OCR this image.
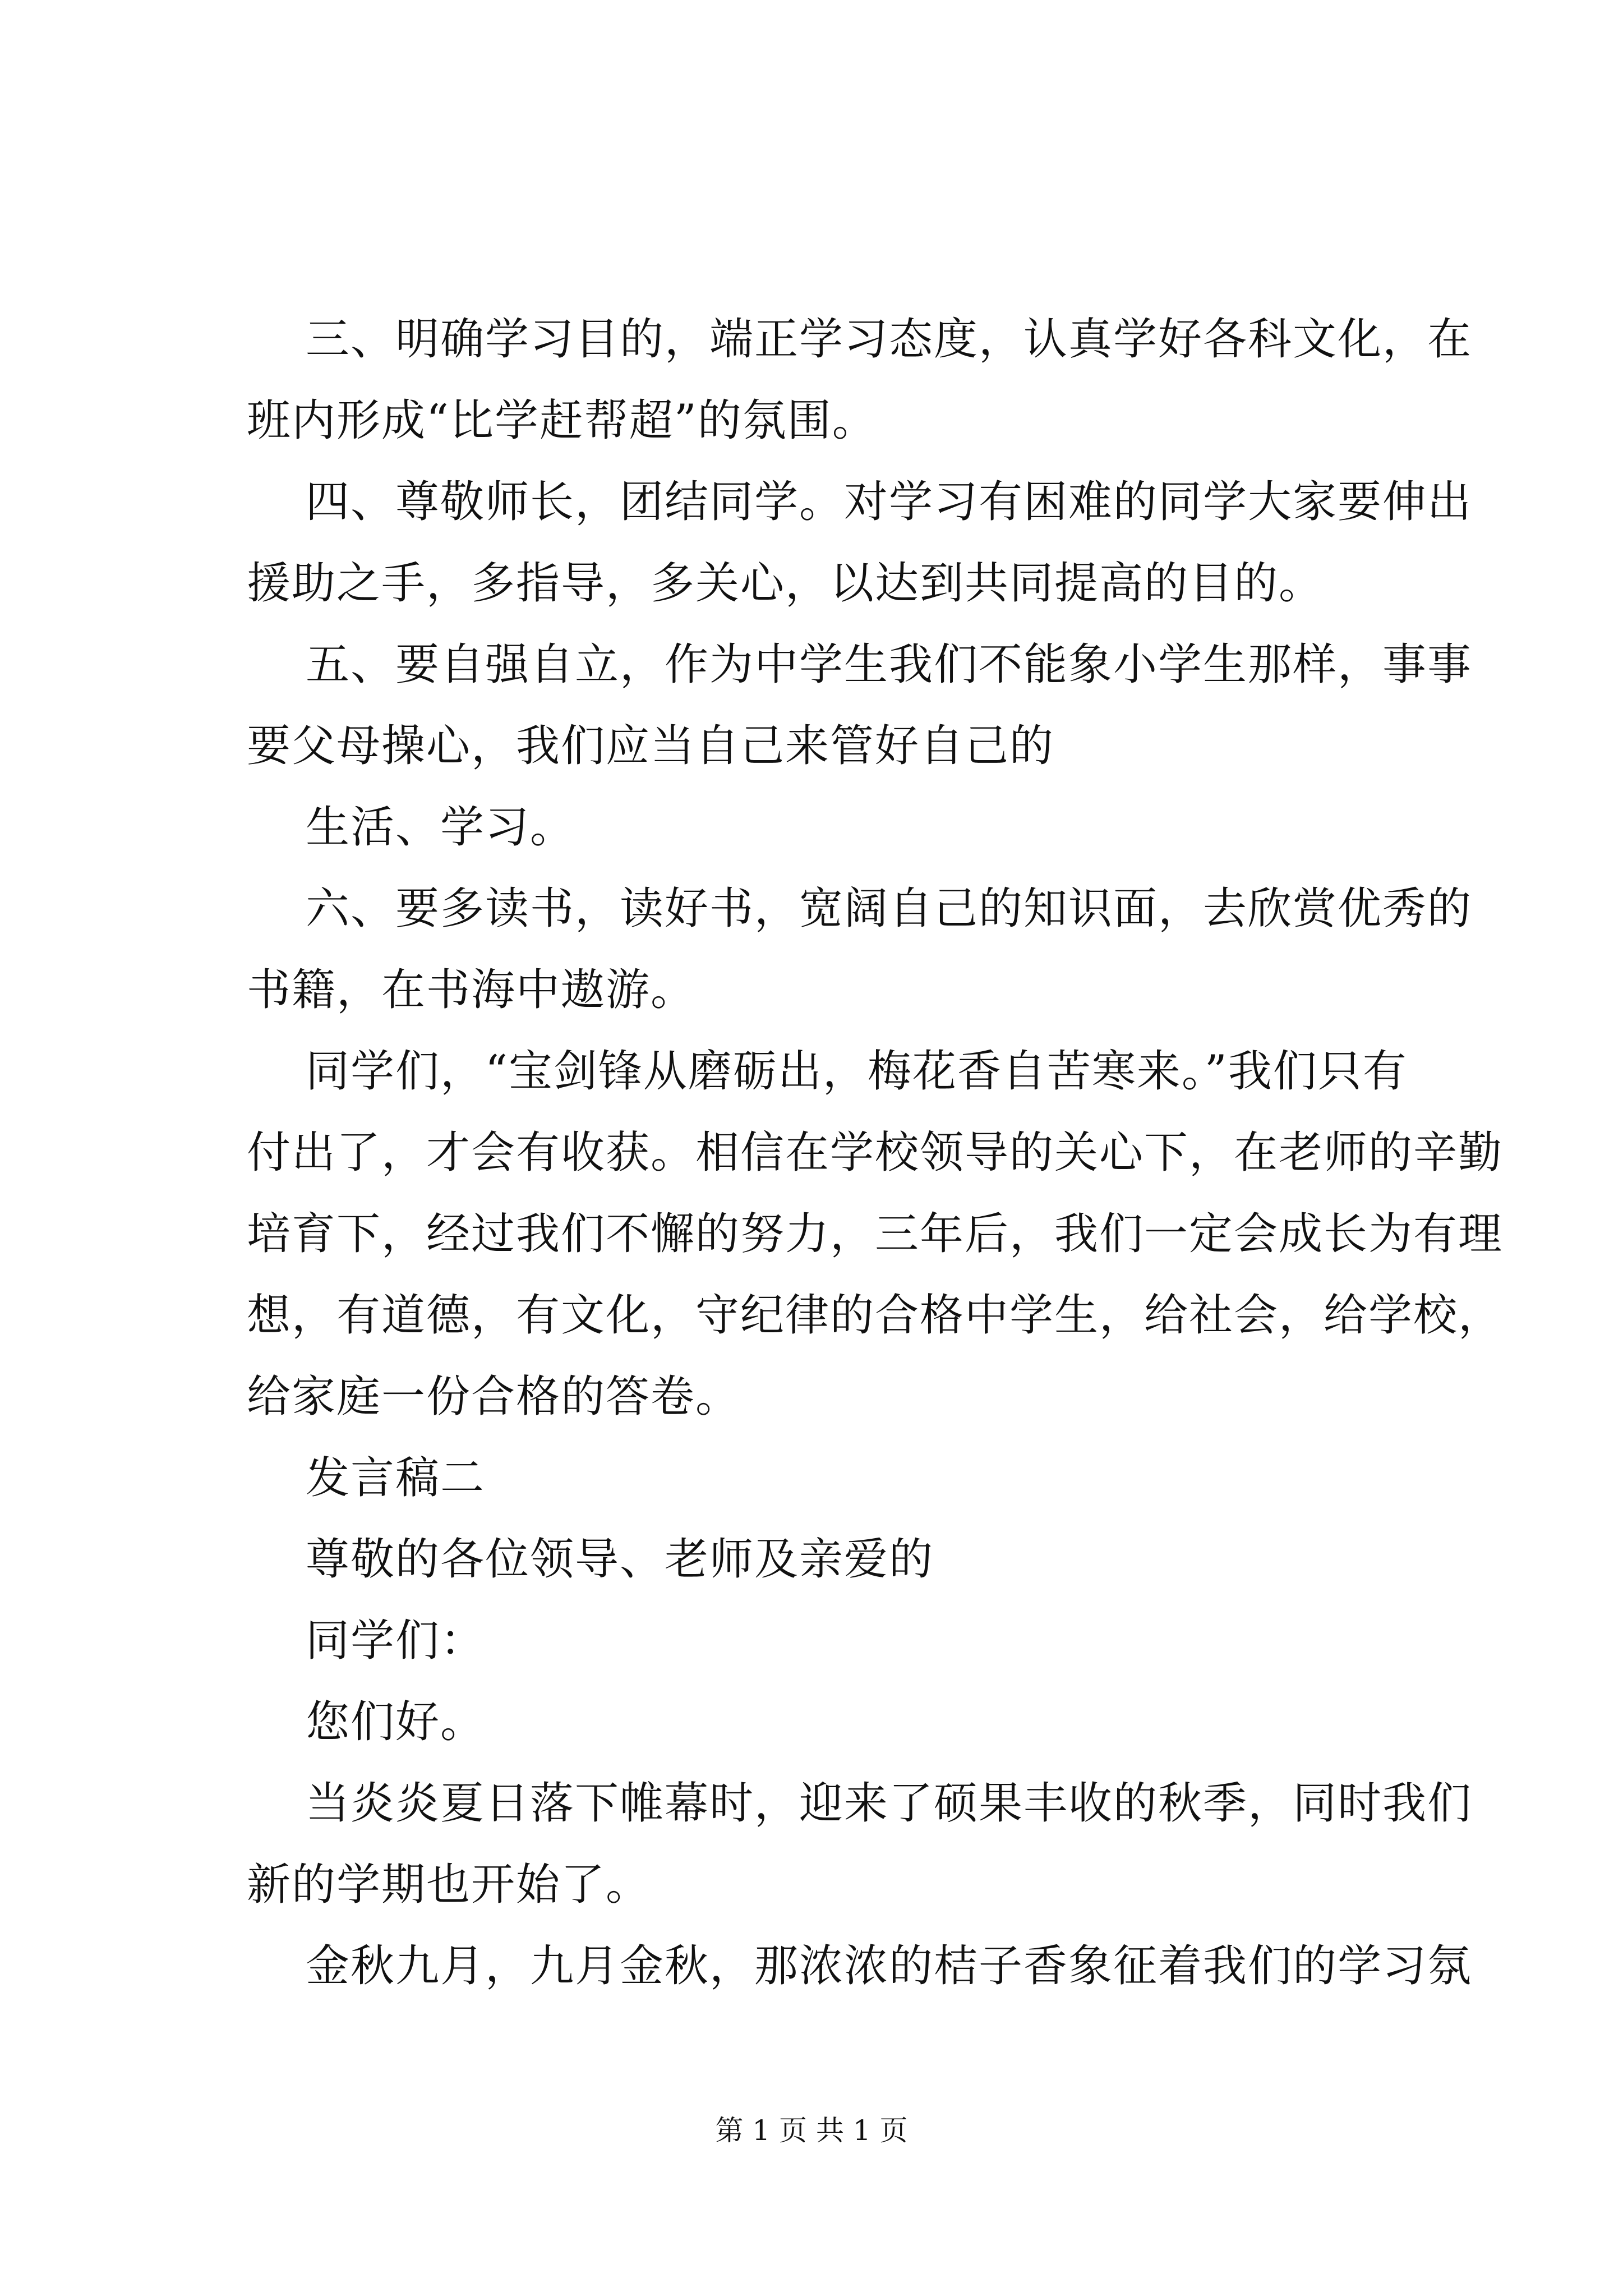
三、明确学习目的，端正学习态度，认真学好各科文化，在
班内形成“比学赶帮超”的氛围。
四、尊敬师长，团结同学。对学习有困难的同学大家要伸出
援助之手，多指导，多关心，以达到共同提高的目的。
五、要自强自立，作为中学生我们不能象小学生那样，事事
要父母操心，我们应当自己来管好自己的
生活、学习。
六、要多读书，读好书，宽阔自己的知识面，去欣赏优秀的
书籍，在书海中遨游。
同学们，“宝剑锋从磨砺出，梅花香自苦寒来。”我们只有
付出了，才会有收获。相信在学校领导的关心下，在老师的辛勤
培育下，经过我们不懈的努力，三年后，我们一定会成长为有理
想，有道德，有文化，守纪律的合格中学生，给社会，给学校，
给家庭一份合格的答卷。
发言稿二
尊敬的各位领导、老师及亲爱的
同学们：
您们好。
当炎炎夏日落下帷幕时，迎来了硕果丰收的秋季，同时我们
新的学期也开始了。
金秋九月，九月金秋，那浓浓的桔子香象征着我们的学习氛
第 1 页 共 1 页
